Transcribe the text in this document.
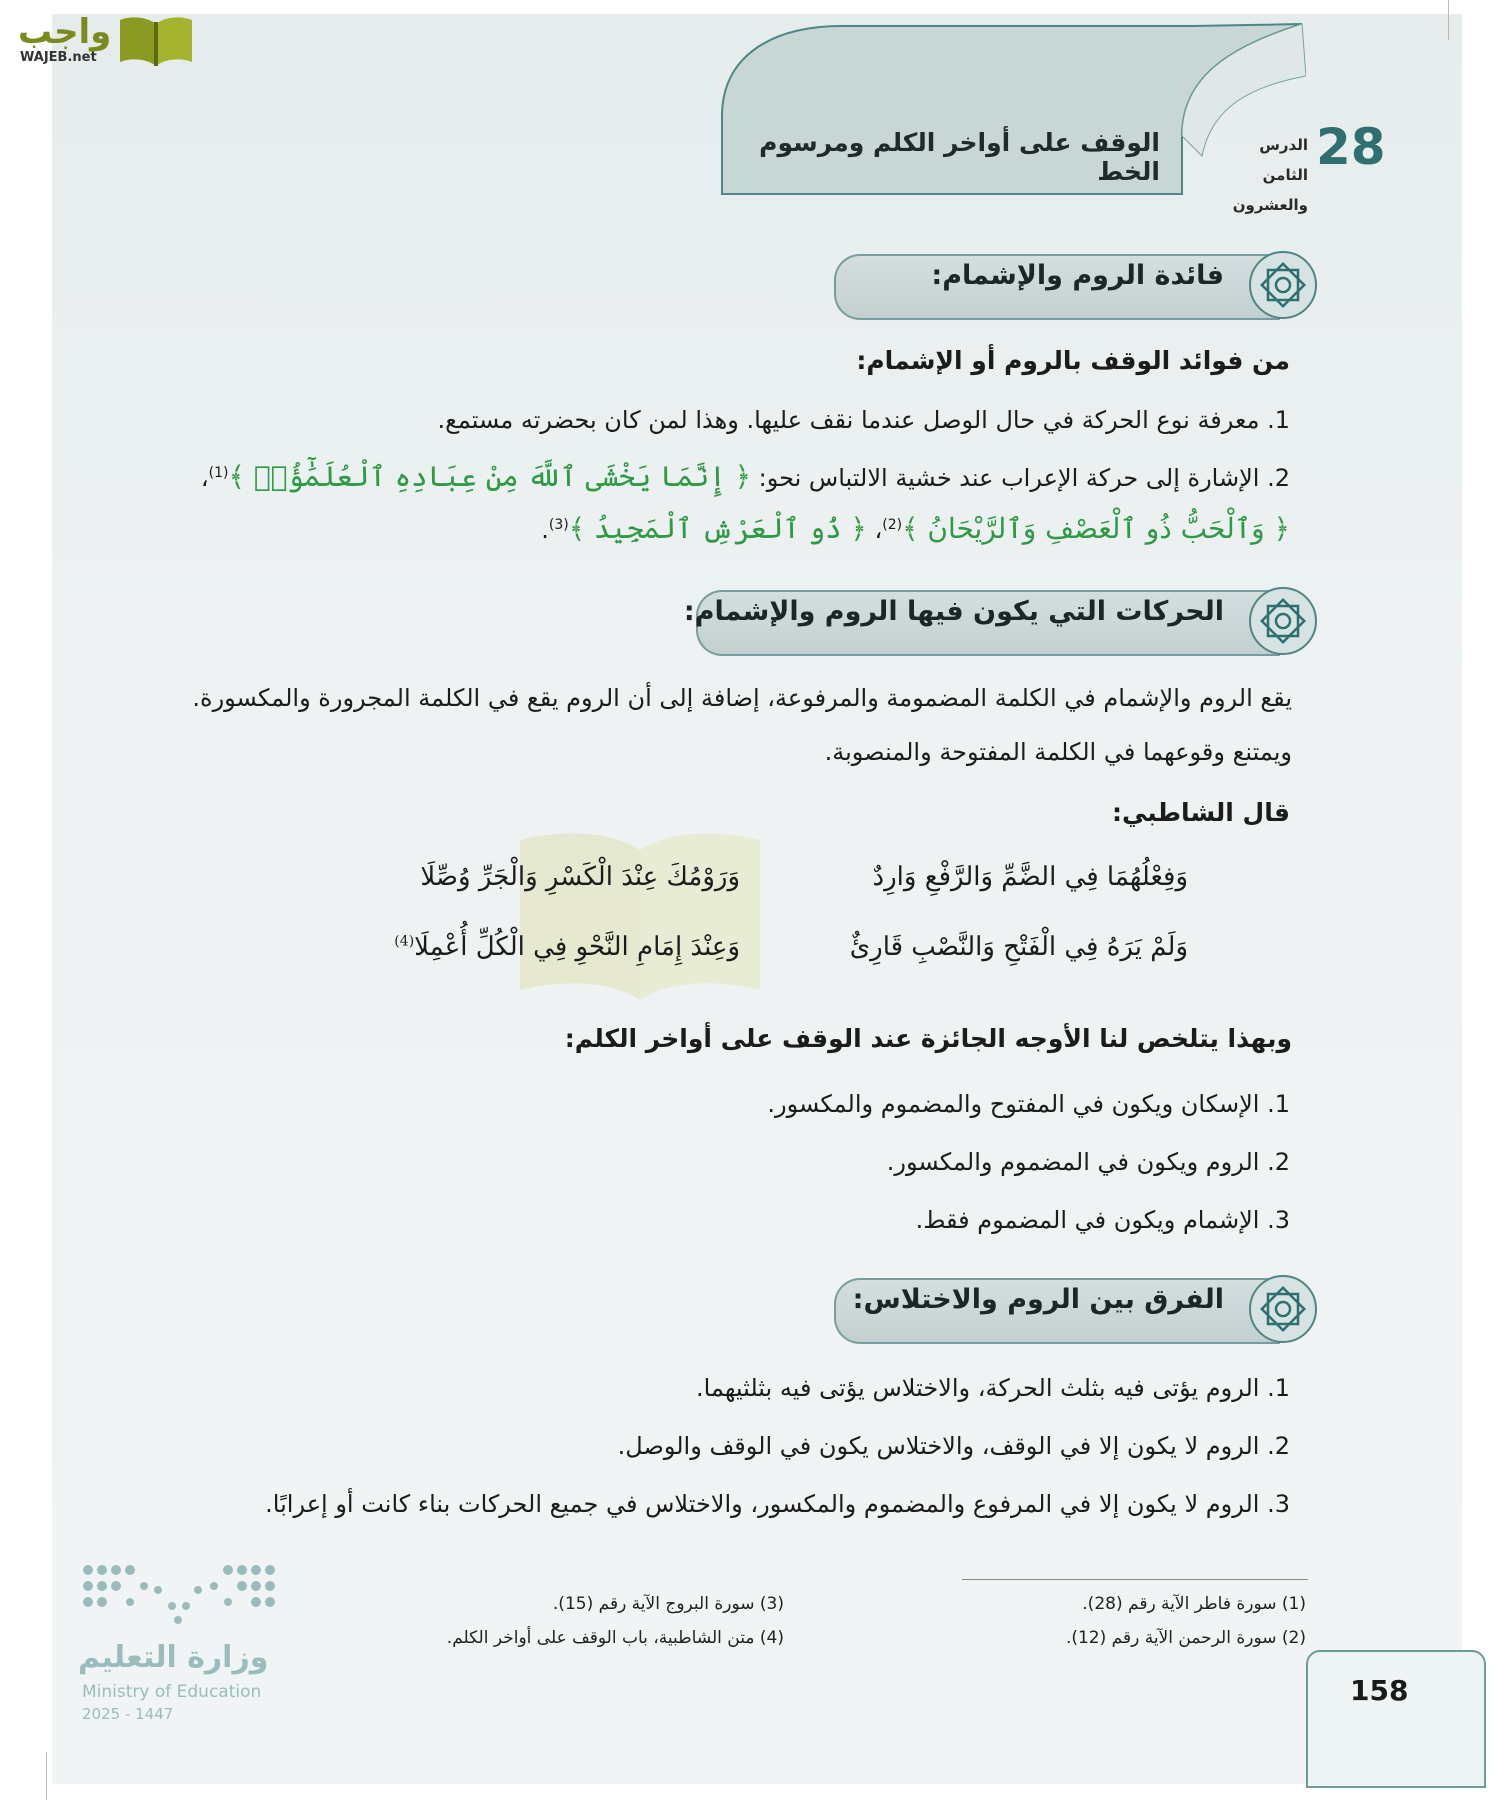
واجب
WAJEB.net
الوقف على أواخر الكلم ومرسوم الخط	28
الدرس الثامن
والعشرون
فائدة الروم والإشمام:
من فوائد الوقف بالروم أو الإشمام:
1. معرفة نوع الحركة في حال الوصل عندما نقف عليها. وهذا لمن كان بحضرته مستمع.
2. الإشارة إلى حركة الإعراب عند خشية الالتباس نحو: ﴿ إِنَّمَا يَخْشَى ٱللَّهَ مِنْ عِبَادِهِ ٱلْعُلَمَٰٓؤُا۟ ﴾$^{(1)}$،
﴿ وَٱلْحَبُّ ذُو ٱلْعَصْفِ وَٱلرَّيْحَانُ ﴾$^{(2)}$، ﴿ ذُو ٱلْعَرْشِ ٱلْمَجِيدُ ﴾$^{(3)}$.
الحركات التي يكون فيها الروم والإشمام:
يقع الروم والإشمام في الكلمة المضمومة والمرفوعة، إضافة إلى أن الروم يقع في الكلمة المجرورة والمكسورة.
ويمتنع وقوعهما في الكلمة المفتوحة والمنصوبة.
قال الشاطبي:
وَفِعْلُهُمَا فِي الضَّمِّ وَالرَّفْعِ وَارِدٌ
وَرَوْمُكَ عِنْدَ الْكَسْرِ وَالْجَرِّ وُصِّلَا
وَلَمْ يَرَهُ فِي الْفَتْحِ وَالنَّصْبِ قَارِئٌ
وَعِنْدَ إِمَامِ النَّحْوِ فِي الْكُلِّ أُعْمِلَا$^{(4)}$
وبهذا يتلخص لنا الأوجه الجائزة عند الوقف على أواخر الكلم:
1. الإسكان ويكون في المفتوح والمضموم والمكسور.
2. الروم ويكون في المضموم والمكسور.
3. الإشمام ويكون في المضموم فقط.
الفرق بين الروم والاختلاس:
1. الروم يؤتى فيه بثلث الحركة، والاختلاس يؤتى فيه بثلثيهما.
2. الروم لا يكون إلا في الوقف، والاختلاس يكون في الوقف والوصل.
3. الروم لا يكون إلا في المرفوع والمضموم والمكسور، والاختلاس في جميع الحركات بناء كانت أو إعرابًا.
(1) سورة فاطر الآية رقم (28).
(2) سورة الرحمن الآية رقم (12).
(3) سورة البروج الآية رقم (15).
(4) متن الشاطبية، باب الوقف على أواخر الكلم.
وزارة التعليم
Ministry of Education
2025 - 1447
158
